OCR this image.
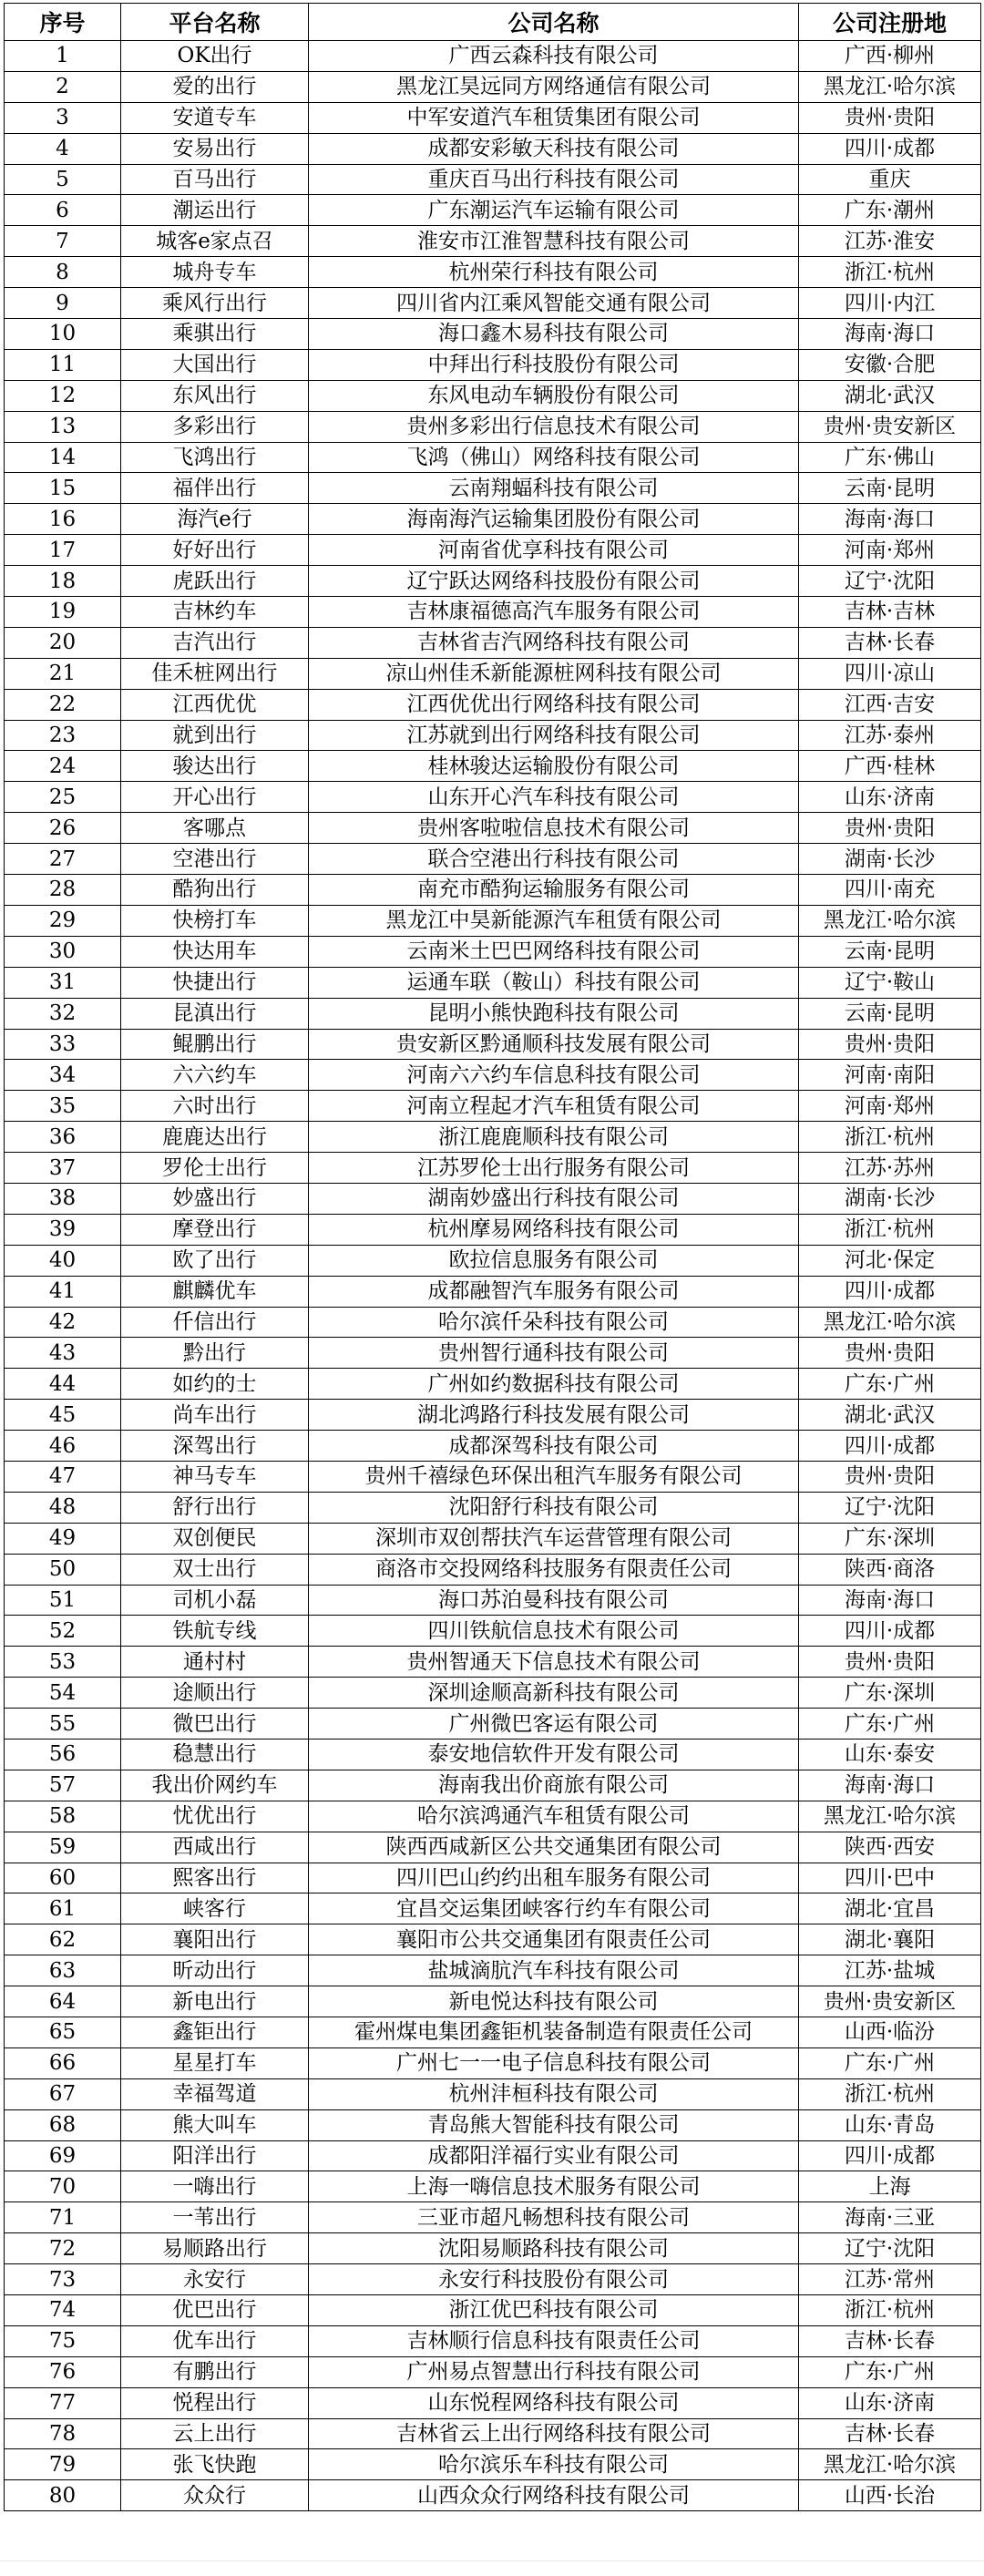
序号	平台名称	公司名称	公司注册地
1	OK出行	广西云森科技有限公司	广西·柳州
2	爱的出行	黑龙江昊远同方网络通信有限公司	黑龙江·哈尔滨
3	安道专车	中军安道汽车租赁集团有限公司	贵州·贵阳
4	安易出行	成都安彩敏天科技有限公司	四川·成都
5	百马出行	重庆百马出行科技有限公司	重庆
6	潮运出行	广东潮运汽车运输有限公司	广东·潮州
7	城客e家点召	淮安市江淮智慧科技有限公司	江苏·淮安
8	城舟专车	杭州荣行科技有限公司	浙江·杭州
9	乘风行出行	四川省内江乘风智能交通有限公司	四川·内江
10	乘骐出行	海口鑫木易科技有限公司	海南·海口
11	大国出行	中拜出行科技股份有限公司	安徽·合肥
12	东风出行	东风电动车辆股份有限公司	湖北·武汉
13	多彩出行	贵州多彩出行信息技术有限公司	贵州·贵安新区
14	飞鸿出行	飞鸿（佛山）网络科技有限公司	广东·佛山
15	福伴出行	云南翔蝠科技有限公司	云南·昆明
16	海汽e行	海南海汽运输集团股份有限公司	海南·海口
17	好好出行	河南省优享科技有限公司	河南·郑州
18	虎跃出行	辽宁跃达网络科技股份有限公司	辽宁·沈阳
19	吉林约车	吉林康福德高汽车服务有限公司	吉林·吉林
20	吉汽出行	吉林省吉汽网络科技有限公司	吉林·长春
21	佳禾桩网出行	凉山州佳禾新能源桩网科技有限公司	四川·凉山
22	江西优优	江西优优出行网络科技有限公司	江西·吉安
23	就到出行	江苏就到出行网络科技有限公司	江苏·泰州
24	骏达出行	桂林骏达运输股份有限公司	广西·桂林
25	开心出行	山东开心汽车科技有限公司	山东·济南
26	客哪点	贵州客啦啦信息技术有限公司	贵州·贵阳
27	空港出行	联合空港出行科技有限公司	湖南·长沙
28	酷狗出行	南充市酷狗运输服务有限公司	四川·南充
29	快榜打车	黑龙江中昊新能源汽车租赁有限公司	黑龙江·哈尔滨
30	快达用车	云南米土巴巴网络科技有限公司	云南·昆明
31	快捷出行	运通车联（鞍山）科技有限公司	辽宁·鞍山
32	昆滇出行	昆明小熊快跑科技有限公司	云南·昆明
33	鲲鹏出行	贵安新区黔通顺科技发展有限公司	贵州·贵阳
34	六六约车	河南六六约车信息科技有限公司	河南·南阳
35	六时出行	河南立程起才汽车租赁有限公司	河南·郑州
36	鹿鹿达出行	浙江鹿鹿顺科技有限公司	浙江·杭州
37	罗伦士出行	江苏罗伦士出行服务有限公司	江苏·苏州
38	妙盛出行	湖南妙盛出行科技有限公司	湖南·长沙
39	摩登出行	杭州摩易网络科技有限公司	浙江·杭州
40	欧了出行	欧拉信息服务有限公司	河北·保定
41	麒麟优车	成都融智汽车服务有限公司	四川·成都
42	仟信出行	哈尔滨仟朵科技有限公司	黑龙江·哈尔滨
43	黔出行	贵州智行通科技有限公司	贵州·贵阳
44	如约的士	广州如约数据科技有限公司	广东·广州
45	尚车出行	湖北鸿路行科技发展有限公司	湖北·武汉
46	深驾出行	成都深驾科技有限公司	四川·成都
47	神马专车	贵州千禧绿色环保出租汽车服务有限公司	贵州·贵阳
48	舒行出行	沈阳舒行科技有限公司	辽宁·沈阳
49	双创便民	深圳市双创帮扶汽车运营管理有限公司	广东·深圳
50	双士出行	商洛市交投网络科技服务有限责任公司	陕西·商洛
51	司机小磊	海口苏泊曼科技有限公司	海南·海口
52	铁航专线	四川铁航信息技术有限公司	四川·成都
53	通村村	贵州智通天下信息技术有限公司	贵州·贵阳
54	途顺出行	深圳途顺高新科技有限公司	广东·深圳
55	微巴出行	广州微巴客运有限公司	广东·广州
56	稳慧出行	泰安地信软件开发有限公司	山东·泰安
57	我出价网约车	海南我出价商旅有限公司	海南·海口
58	忧优出行	哈尔滨鸿通汽车租赁有限公司	黑龙江·哈尔滨
59	西咸出行	陕西西咸新区公共交通集团有限公司	陕西·西安
60	熙客出行	四川巴山约约出租车服务有限公司	四川·巴中
61	峡客行	宜昌交运集团峡客行约车有限公司	湖北·宜昌
62	襄阳出行	襄阳市公共交通集团有限责任公司	湖北·襄阳
63	昕动出行	盐城滴肮汽车科技有限公司	江苏·盐城
64	新电出行	新电悦达科技有限公司	贵州·贵安新区
65	鑫钜出行	霍州煤电集团鑫钜机装备制造有限责任公司	山西·临汾
66	星星打车	广州七一一电子信息科技有限公司	广东·广州
67	幸福驾道	杭州沣桓科技有限公司	浙江·杭州
68	熊大叫车	青岛熊大智能科技有限公司	山东·青岛
69	阳洋出行	成都阳洋福行实业有限公司	四川·成都
70	一嗨出行	上海一嗨信息技术服务有限公司	上海
71	一苇出行	三亚市超凡畅想科技有限公司	海南·三亚
72	易顺路出行	沈阳易顺路科技有限公司	辽宁·沈阳
73	永安行	永安行科技股份有限公司	江苏·常州
74	优巴出行	浙江优巴科技有限公司	浙江·杭州
75	优车出行	吉林顺行信息科技有限责任公司	吉林·长春
76	有鹏出行	广州易点智慧出行科技有限公司	广东·广州
77	悦程出行	山东悦程网络科技有限公司	山东·济南
78	云上出行	吉林省云上出行网络科技有限公司	吉林·长春
79	张飞快跑	哈尔滨乐车科技有限公司	黑龙江·哈尔滨
80	众众行	山西众众行网络科技有限公司	山西·长治
